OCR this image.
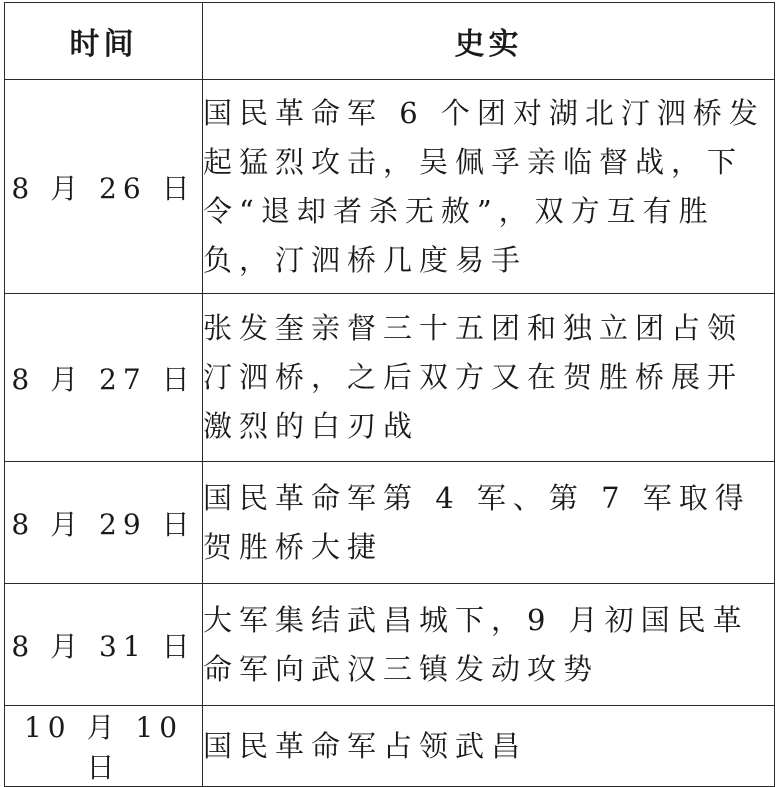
时间	史实
8 月 26 日	国民革命军 6 个团对湖北汀泗桥发起猛烈攻击，吴佩孚亲临督战，下令“退却者杀无赦”，双方互有胜负，汀泗桥几度易手
8 月 27 日	张发奎亲督三十五团和独立团占领汀泗桥，之后双方又在贺胜桥展开激烈的白刃战
8 月 29 日	国民革命军第 4 军、第 7 军取得贺胜桥大捷
8 月 31 日	大军集结武昌城下，9 月初国民革命军向武汉三镇发动攻势
10 月 10 日	国民革命军占领武昌
